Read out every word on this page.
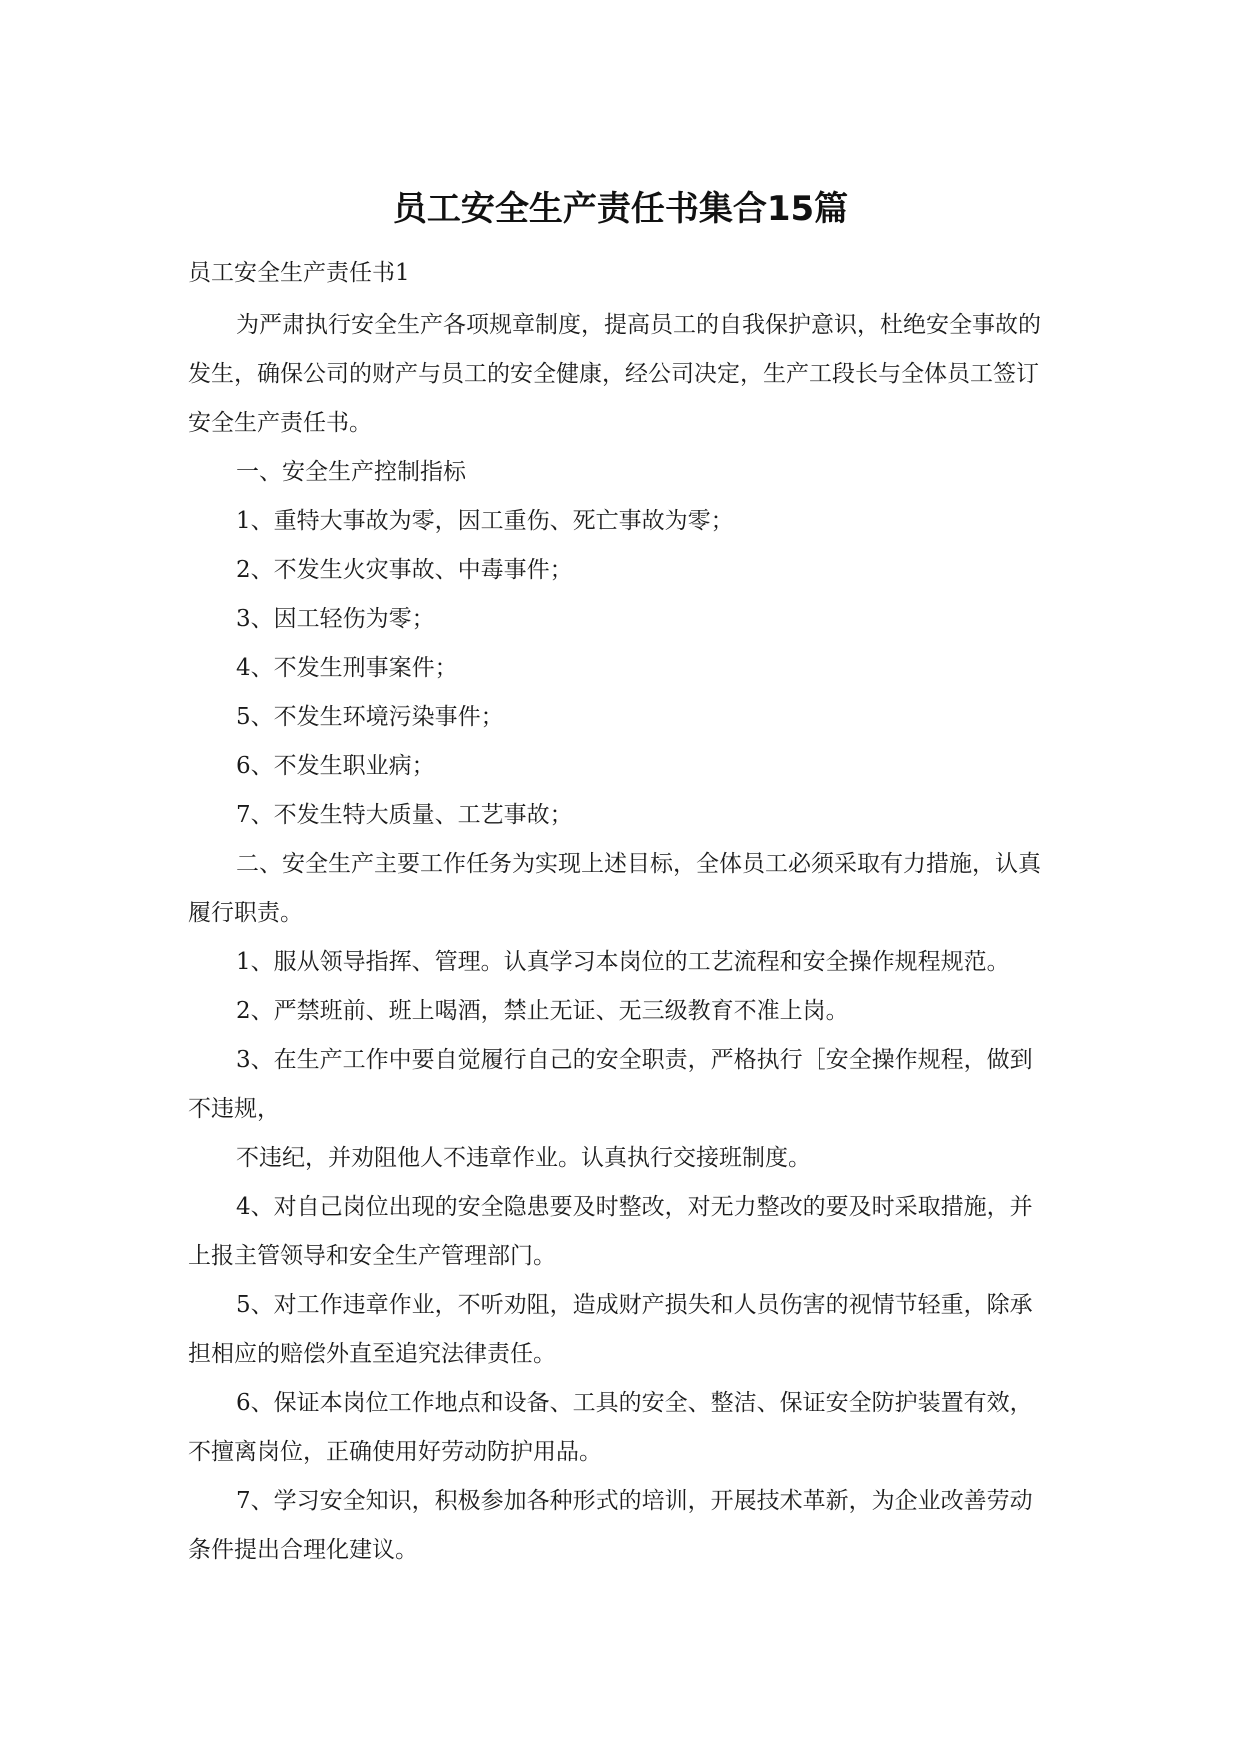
员工安全生产责任书集合15篇
员工安全生产责任书1

为严肃执行安全生产各项规章制度，提高员工的自我保护意识，杜绝安全事故的发生，确保公司的财产与员工的安全健康，经公司决定，生产工段长与全体员工签订安全生产责任书。

一、安全生产控制指标

1、重特大事故为零，因工重伤、死亡事故为零；

2、不发生火灾事故、中毒事件；

3、因工轻伤为零；

4、不发生刑事案件；

5、不发生环境污染事件；

6、不发生职业病；

7、不发生特大质量、工艺事故；

二、安全生产主要工作任务为实现上述目标，全体员工必须采取有力措施，认真履行职责。

1、服从领导指挥、管理。认真学习本岗位的工艺流程和安全操作规程规范。

2、严禁班前、班上喝酒，禁止无证、无三级教育不准上岗。

3、在生产工作中要自觉履行自己的安全职责，严格执行［安全操作规程，做到不违规，

不违纪，并劝阻他人不违章作业。认真执行交接班制度。

4、对自己岗位出现的安全隐患要及时整改，对无力整改的要及时采取措施，并上报主管领导和安全生产管理部门。

5、对工作违章作业，不听劝阻，造成财产损失和人员伤害的视情节轻重，除承担相应的赔偿外直至追究法律责任。

6、保证本岗位工作地点和设备、工具的安全、整洁、保证安全防护装置有效，不擅离岗位，正确使用好劳动防护用品。

7、学习安全知识，积极参加各种形式的培训，开展技术革新，为企业改善劳动条件提出合理化建议。
